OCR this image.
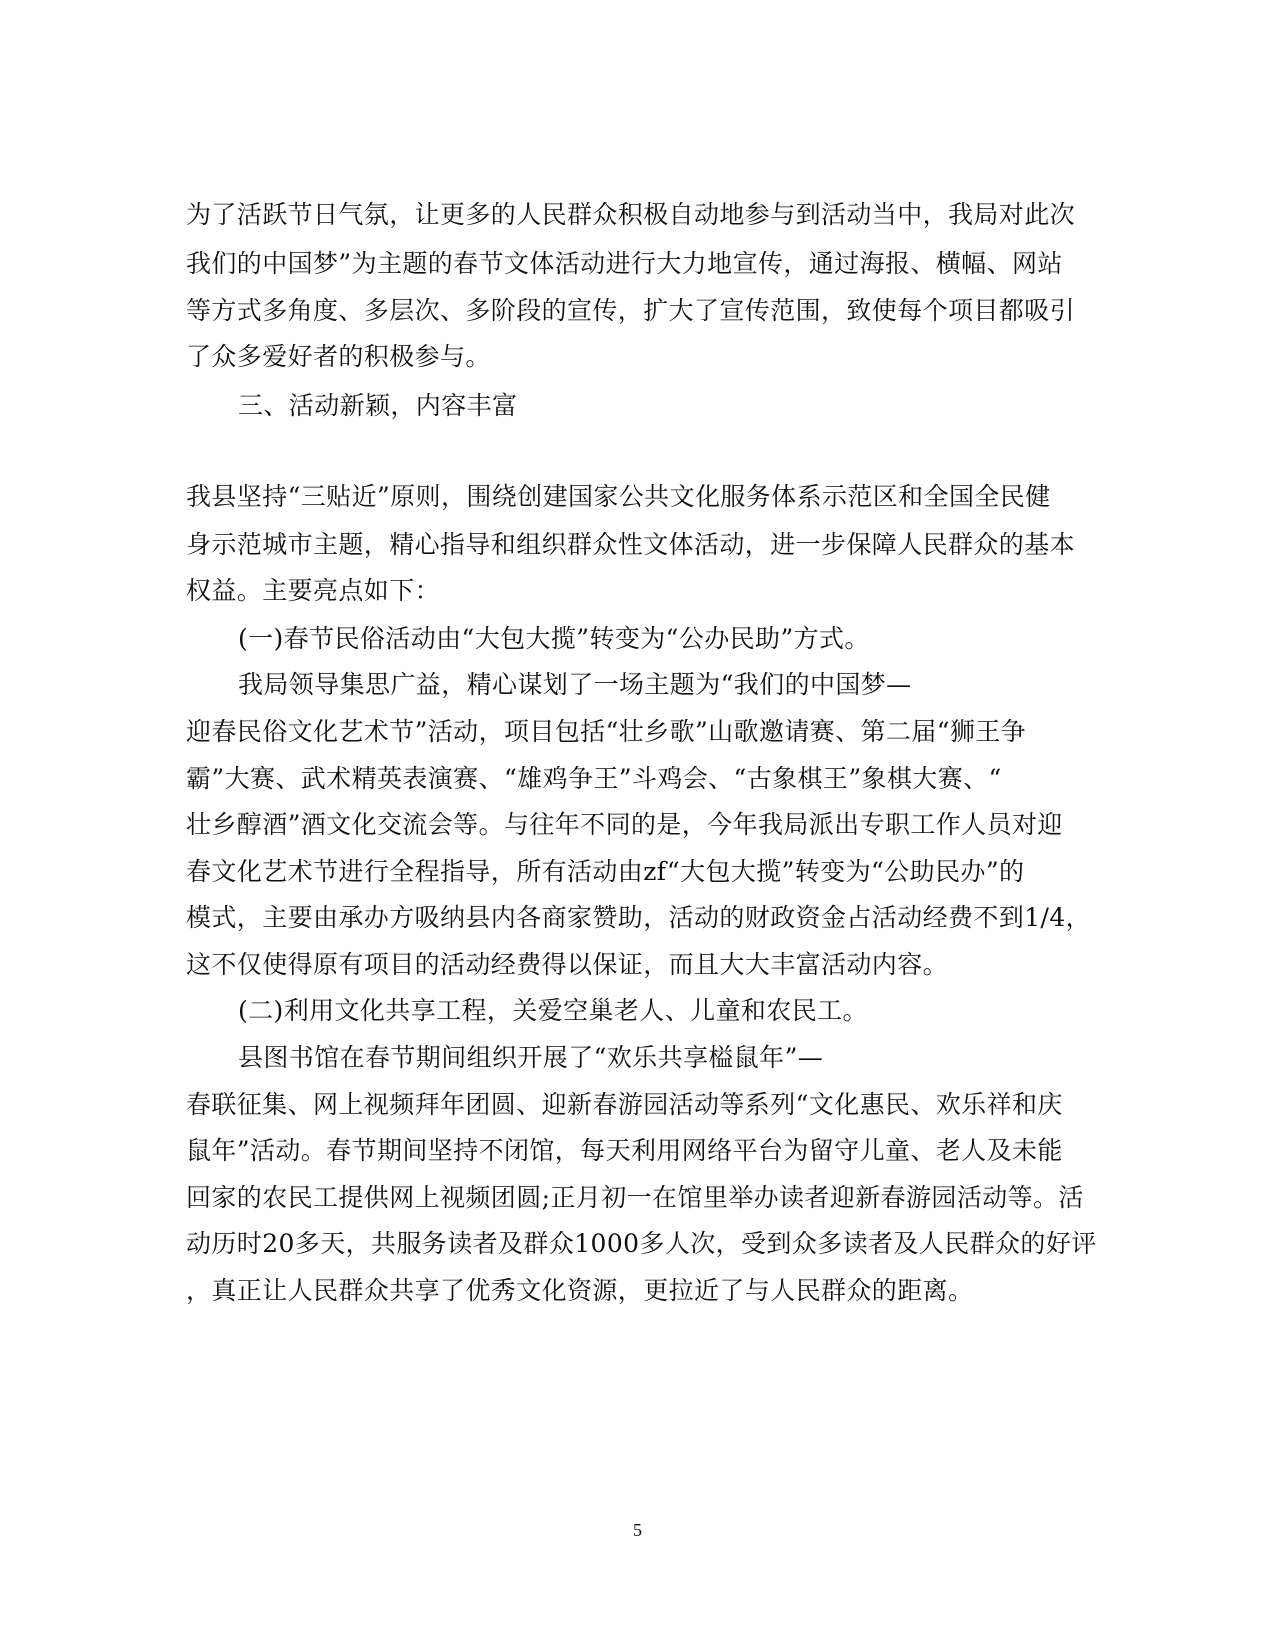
为了活跃节日气氛，让更多的人民群众积极自动地参与到活动当中，我局对此次
我们的中国梦”为主题的春节文体活动进行大力地宣传，通过海报、横幅、网站
等方式多角度、多层次、多阶段的宣传，扩大了宣传范围，致使每个项目都吸引
了众多爱好者的积极参与。
三、活动新颖，内容丰富
我县坚持“三贴近”原则，围绕创建国家公共文化服务体系示范区和全国全民健
身示范城市主题，精心指导和组织群众性文体活动，进一步保障人民群众的基本
权益。主要亮点如下：
(一)春节民俗活动由“大包大揽”转变为“公办民助”方式。
我局领导集思广益，精心谋划了一场主题为“我们的中国梦—
迎春民俗文化艺术节”活动，项目包括“壮乡歌”山歌邀请赛、第二届“狮王争
霸”大赛、武术精英表演赛、“雄鸡争王”斗鸡会、“古象棋王”象棋大赛、“
壮乡醇酒”酒文化交流会等。与往年不同的是，今年我局派出专职工作人员对迎
春文化艺术节进行全程指导，所有活动由zf“大包大揽”转变为“公助民办”的
模式，主要由承办方吸纳县内各商家赞助，活动的财政资金占活动经费不到1/4，
这不仅使得原有项目的活动经费得以保证，而且大大丰富活动内容。
(二)利用文化共享工程，关爱空巢老人、儿童和农民工。
县图书馆在春节期间组织开展了“欢乐共享榏鼠年”—
春联征集、网上视频拜年团圆、迎新春游园活动等系列“文化惠民、欢乐祥和庆
鼠年”活动。春节期间坚持不闭馆，每天利用网络平台为留守儿童、老人及未能
回家的农民工提供网上视频团圆;正月初一在馆里举办读者迎新春游园活动等。活
动历时20多天，共服务读者及群众1000多人次，受到众多读者及人民群众的好评
，真正让人民群众共享了优秀文化资源，更拉近了与人民群众的距离。
5
